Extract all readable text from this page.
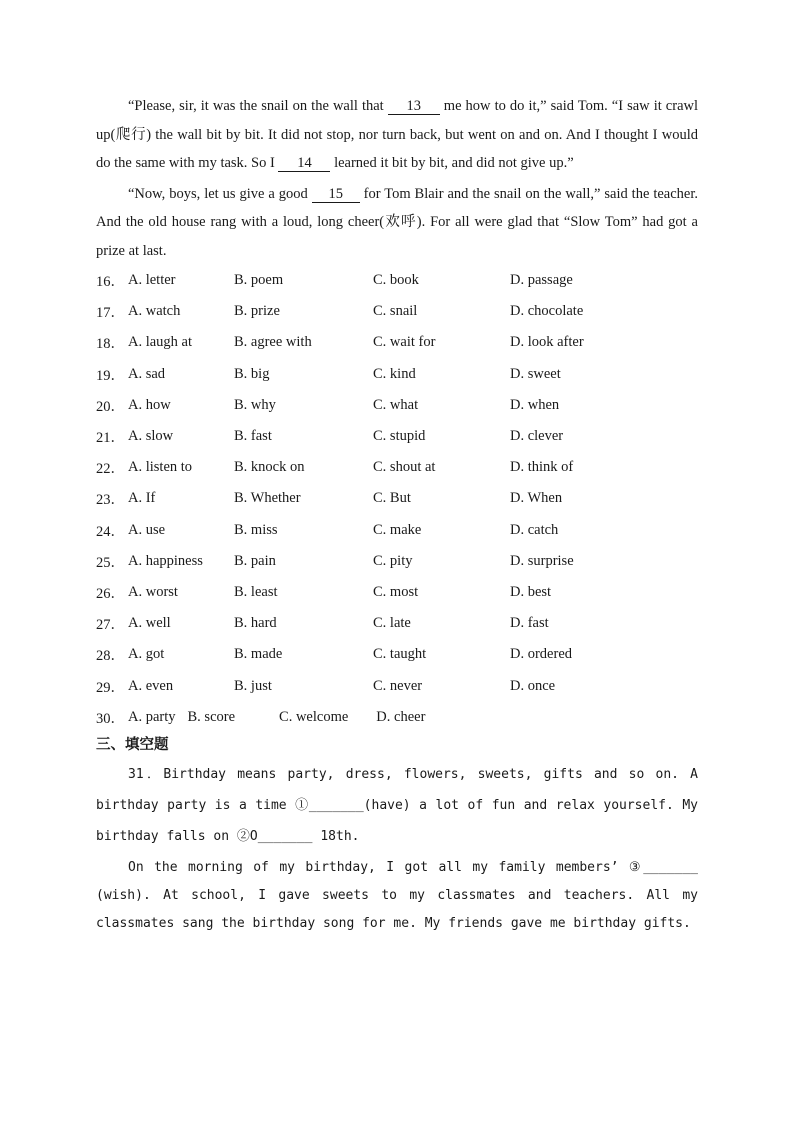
“Please, sir, it was the snail on the wall that 13 me how to do it,” said Tom. “I saw it crawl up(爬行) the wall bit by bit. It did not stop, nor turn back, but went on and on. And I thought I would do the same with my task. So I 14 learned it bit by bit, and did not give up.”

“Now, boys, let us give a good 15 for Tom Blair and the snail on the wall,” said the teacher. And the old house rang with a loud, long cheer(欢呼). For all were glad that “Slow Tom” had got a prize at last.

16． A. letter	B. poem	C. book	D. passage
17． A. watch	B. prize	C. snail	D. chocolate
18． A. laugh at	B. agree with	C. wait for	D. look after
19． A. sad	B. big	C. kind	D. sweet
20． A. how	B. why	C. what	D. when
21． A. slow	B. fast	C. stupid	D. clever
22． A. listen to	B. knock on	C. shout at	D. think of
23． A. If	B. Whether	C. But	D. When
24． A. use	B. miss	C. make	D. catch
25． A. happiness	B. pain	C. pity	D. surprise
26． A. worst	B. least	C. most	D. best
27． A. well	B. hard	C. late	D. fast
28． A. got	B. made	C. taught	D. ordered
29． A. even	B. just	C. never	D. once
30． A. party B. score	C. welcome D. cheer
三、填空题

31．Birthday means party, dress, flowers, sweets, gifts and so on. A birthday party is a time ①_______(have) a lot of fun and relax yourself. My birthday falls on ②O_______ 18th.

On the morning of my birthday, I got all my family members’ ③_______ (wish). At school, I gave sweets to my classmates and teachers. All my classmates sang the birthday song for me. My friends gave me birthday gifts.
